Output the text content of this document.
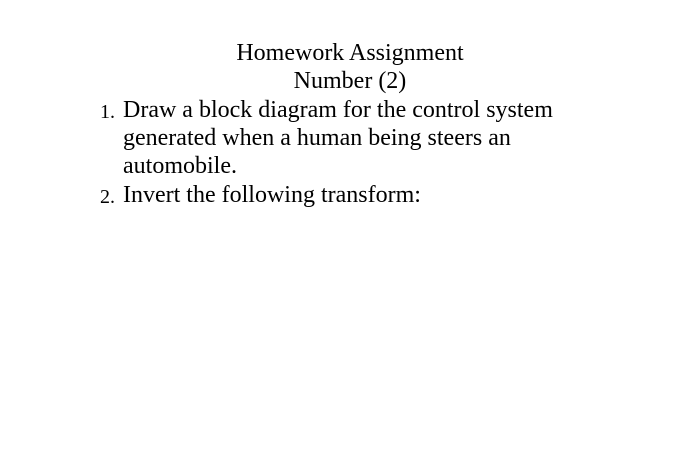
Homework Assignment
Number (2)
1. Draw a block diagram for the control system
generated when a human being steers an
automobile.
2. Invert the following transform:
